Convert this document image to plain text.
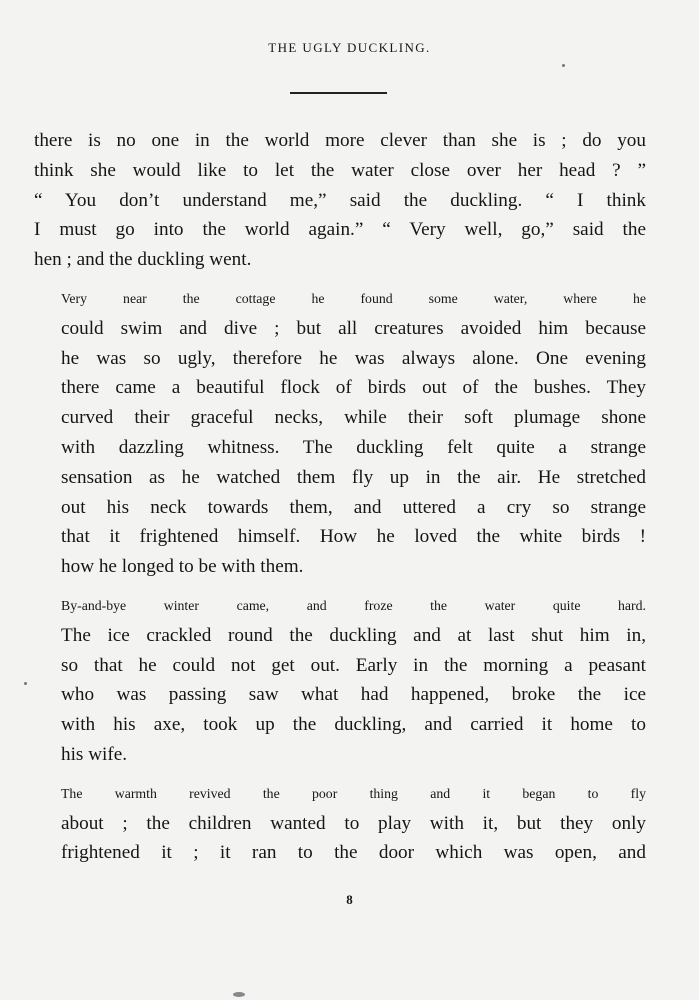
THE UGLY DUCKLING.

there is no one in the world more clever than she is ; do you
think she would like to let the water close over her head ? ”
“ You don’t understand me,” said the duckling. “ I think
I must go into the world again.” “ Very well, go,” said the
hen ; and the duckling went.

Very near the cottage he found some water, where he
could swim and dive ; but all creatures avoided him because
he was so ugly, therefore he was always alone. One evening
there came a beautiful flock of birds out of the bushes. They
curved their graceful necks, while their soft plumage shone
with dazzling whitness. The duckling felt quite a strange
sensation as he watched them fly up in the air. He stretched
out his neck towards them, and uttered a cry so strange
that it frightened himself. How he loved the white birds !
how he longed to be with them.

By-and-bye winter came, and froze the water quite hard.
The ice crackled round the duckling and at last shut him in,
so that he could not get out. Early in the morning a peasant
who was passing saw what had happened, broke the ice
with his axe, took up the duckling, and carried it home to
his wife.

The warmth revived the poor thing and it began to fly
about ; the children wanted to play with it, but they only
frightened it ; it ran to the door which was open, and

8
